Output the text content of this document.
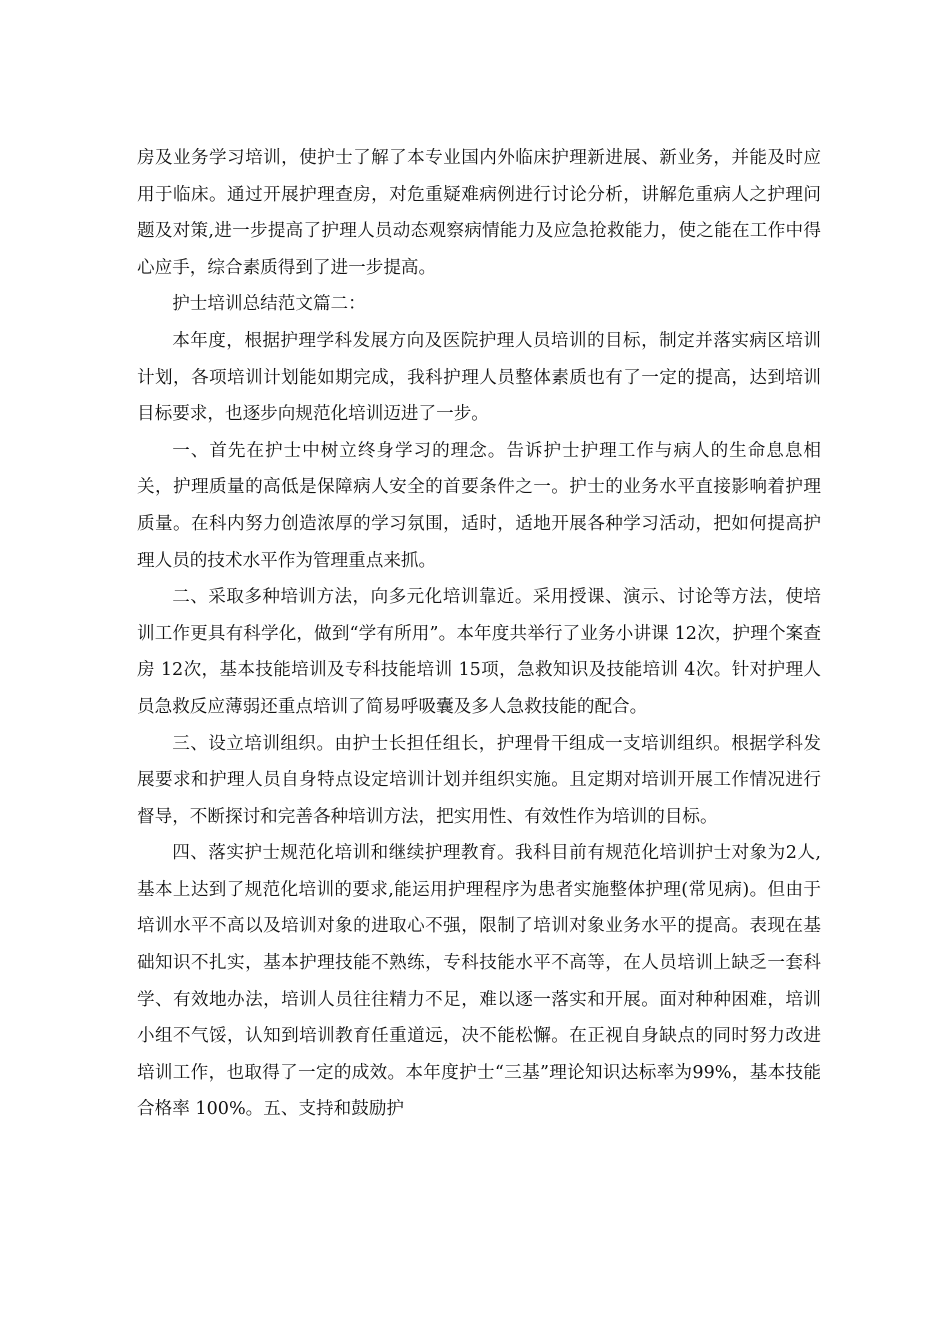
房及业务学习培训，使护士了解了本专业国内外临床护理新进展、新业务，并能及时应用于临床。通过开展护理查房，对危重疑难病例进行讨论分析，讲解危重病人之护理问题及对策,进一步提高了护理人员动态观察病情能力及应急抢救能力，使之能在工作中得心应手，综合素质得到了进一步提高。

护士培训总结范文篇二：

本年度，根据护理学科发展方向及医院护理人员培训的目标，制定并落实病区培训计划，各项培训计划能如期完成，我科护理人员整体素质也有了一定的提高，达到培训目标要求，也逐步向规范化培训迈进了一步。

一、首先在护士中树立终身学习的理念。告诉护士护理工作与病人的生命息息相关，护理质量的高低是保障病人安全的首要条件之一。护士的业务水平直接影响着护理质量。在科内努力创造浓厚的学习氛围，适时，适地开展各种学习活动，把如何提高护理人员的技术水平作为管理重点来抓。

二、采取多种培训方法，向多元化培训靠近。采用授课、演示、讨论等方法，使培训工作更具有科学化，做到“学有所用”。本年度共举行了业务小讲课 12次，护理个案查房 12次，基本技能培训及专科技能培训 15项，急救知识及技能培训 4次。针对护理人员急救反应薄弱还重点培训了简易呼吸囊及多人急救技能的配合。

三、设立培训组织。由护士长担任组长，护理骨干组成一支培训组织。根据学科发展要求和护理人员自身特点设定培训计划并组织实施。且定期对培训开展工作情况进行督导，不断探讨和完善各种培训方法，把实用性、有效性作为培训的目标。

四、落实护士规范化培训和继续护理教育。我科目前有规范化培训护士对象为2人,基本上达到了规范化培训的要求,能运用护理程序为患者实施整体护理(常见病)。但由于培训水平不高以及培训对象的进取心不强，限制了培训对象业务水平的提高。表现在基础知识不扎实，基本护理技能不熟练，专科技能水平不高等，在人员培训上缺乏一套科学、有效地办法，培训人员往往精力不足，难以逐一落实和开展。面对种种困难，培训小组不气馁，认知到培训教育任重道远，决不能松懈。在正视自身缺点的同时努力改进培训工作，也取得了一定的成效。本年度护士“三基”理论知识达标率为99%，基本技能合格率 100%。五、支持和鼓励护
